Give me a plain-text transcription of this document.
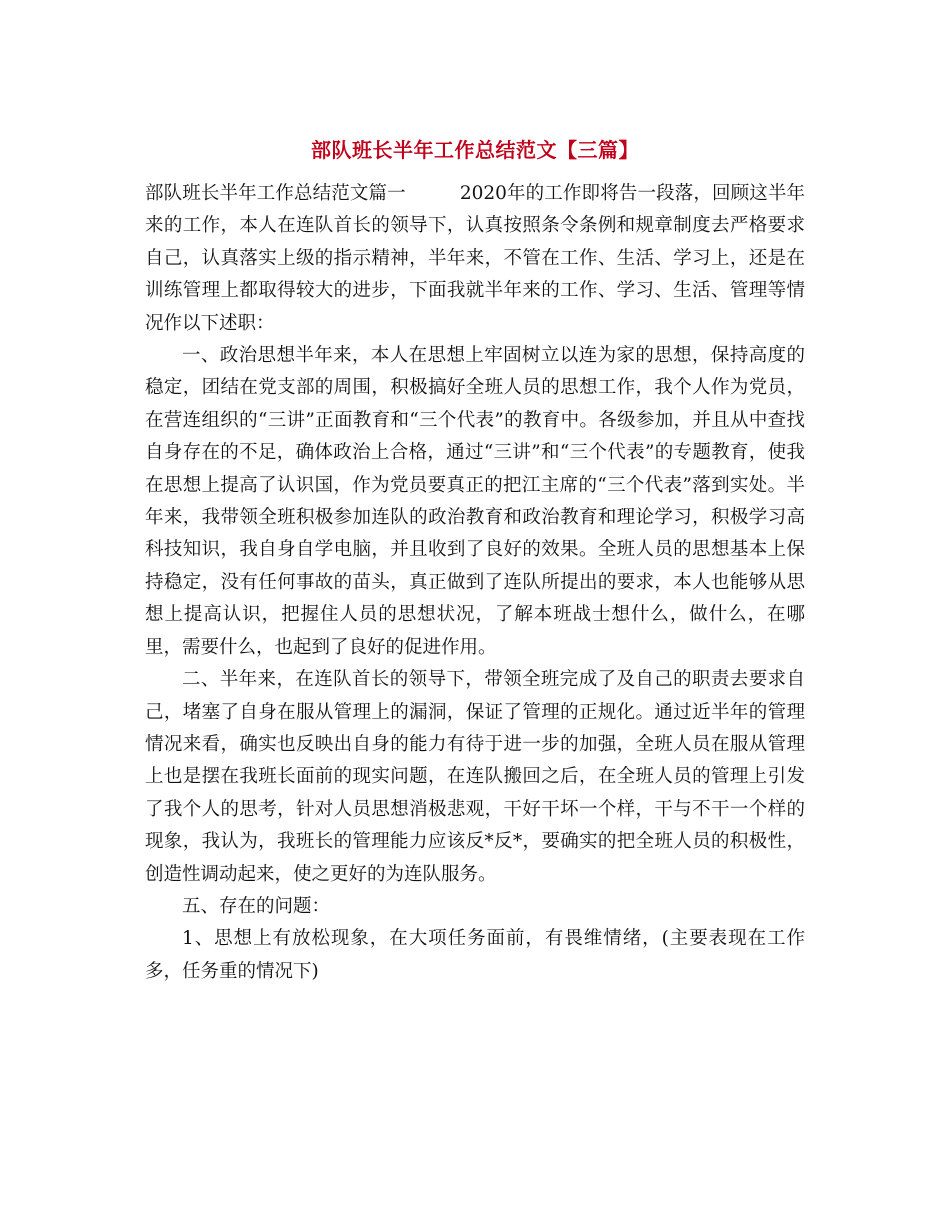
部队班长半年工作总结范文【三篇】

部队班长半年工作总结范文篇一	2020年的工作即将告一段落，回顾这半年来的工作，本人在连队首长的领导下，认真按照条令条例和规章制度去严格要求自己，认真落实上级的指示精神，半年来，不管在工作、生活、学习上，还是在训练管理上都取得较大的进步，下面我就半年来的工作、学习、生活、管理等情况作以下述职：

一、政治思想半年来，本人在思想上牢固树立以连为家的思想，保持高度的稳定，团结在党支部的周围，积极搞好全班人员的思想工作，我个人作为党员，在营连组织的“三讲”正面教育和“三个代表”的教育中。各级参加，并且从中查找自身存在的不足，确体政治上合格，通过“三讲”和“三个代表”的专题教育，使我在思想上提高了认识国，作为党员要真正的把江主席的“三个代表”落到实处。半年来，我带领全班积极参加连队的政治教育和政治教育和理论学习，积极学习高科技知识，我自身自学电脑，并且收到了良好的效果。全班人员的思想基本上保持稳定，没有任何事故的苗头，真正做到了连队所提出的要求，本人也能够从思想上提高认识，把握住人员的思想状况，了解本班战士想什么，做什么，在哪里，需要什么，也起到了良好的促进作用。

二、半年来，在连队首长的领导下，带领全班完成了及自己的职责去要求自己，堵塞了自身在服从管理上的漏洞，保证了管理的正规化。通过近半年的管理情况来看，确实也反映出自身的能力有待于进一步的加强，全班人员在服从管理上也是摆在我班长面前的现实问题，在连队搬回之后，在全班人员的管理上引发了我个人的思考，针对人员思想消极悲观，干好干坏一个样，干与不干一个样的现象，我认为，我班长的管理能力应该反*反*，要确实的把全班人员的积极性，创造性调动起来，使之更好的为连队服务。

五、存在的问题：

1、思想上有放松现象，在大项任务面前，有畏维情绪，(主要表现在工作多，任务重的情况下)
